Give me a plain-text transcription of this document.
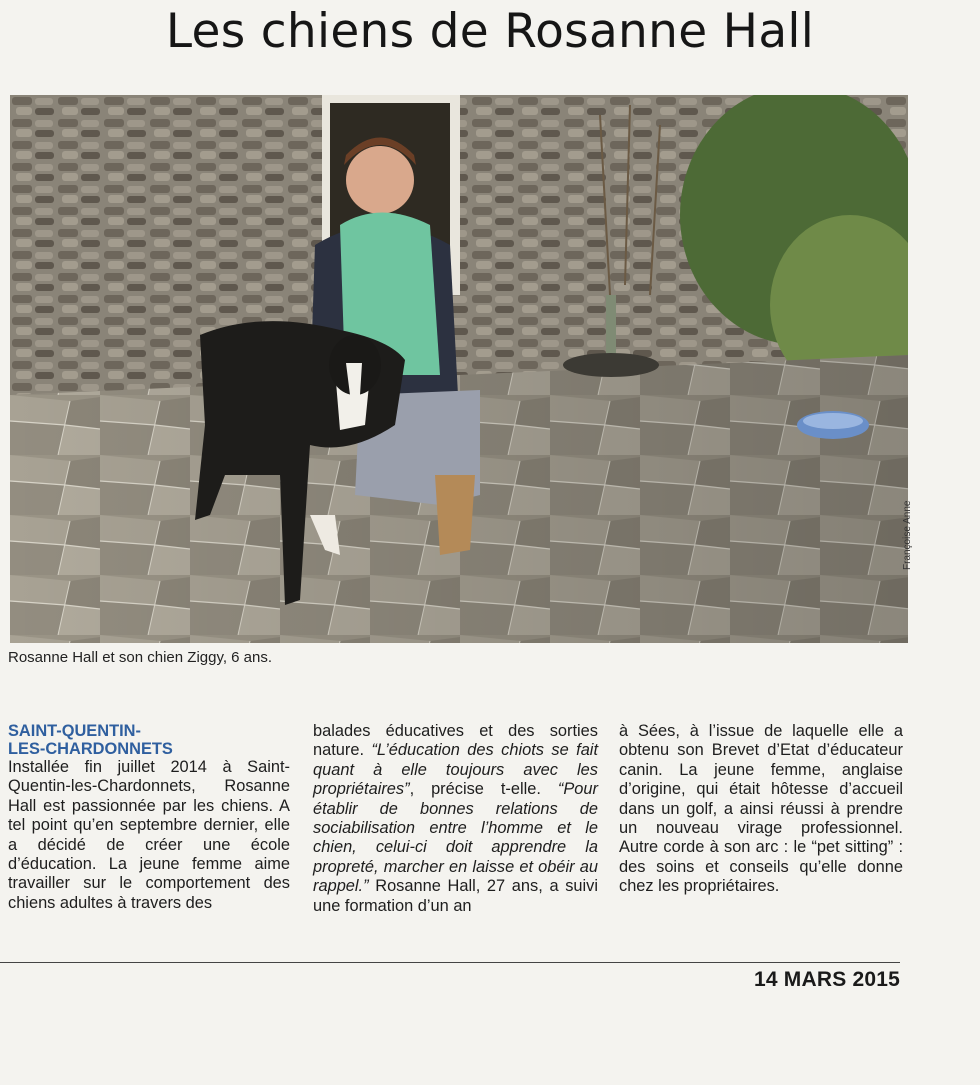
Les chiens de Rosanne Hall
Françoise Anne
Rosanne Hall et son chien Ziggy, 6 ans.
SAINT-QUENTIN-
LES-CHARDONNETS

Installée fin juillet 2014 à Saint-Quentin-les-Chardonnets, Rosanne Hall est passionnée par les chiens. A tel point qu’en septembre dernier, elle a décidé de créer une école d’éducation. La jeune femme aime travailler sur le comportement des chiens adultes à travers des

balades éducatives et des sorties nature. “L’éducation des chiots se fait quant à elle toujours avec les propriétaires”, précise t-elle. “Pour établir de bonnes relations de sociabilisation entre l’homme et le chien, celui-ci doit apprendre la propreté, marcher en laisse et obéir au rappel.” Rosanne Hall, 27 ans, a suivi une formation d’un an

à Sées, à l’issue de laquelle elle a obtenu son Brevet d’Etat d’éducateur canin. La jeune femme, anglaise d’origine, qui était hôtesse d’accueil dans un golf, a ainsi réussi à prendre un nouveau virage professionnel. Autre corde à son arc : le “pet sitting” : des soins et conseils qu’elle donne chez les propriétaires.

14 MARS 2015
